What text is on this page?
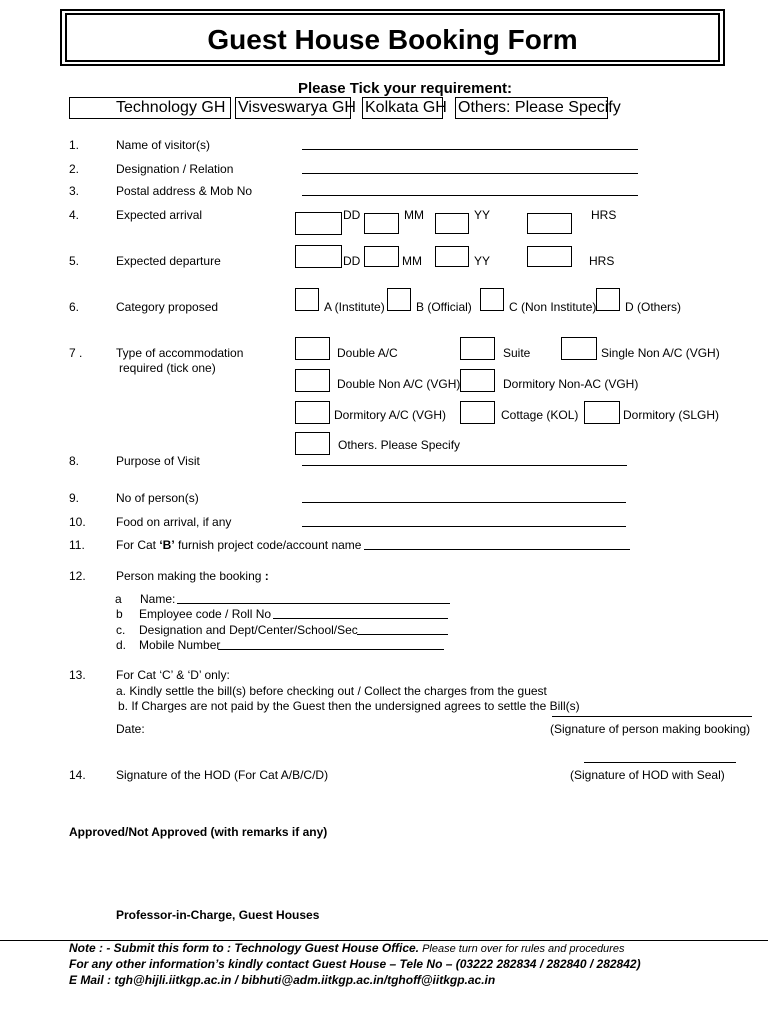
Guest House Booking Form
Please Tick your requirement:
Technology GH Visveswarya GH Kolkata GH Others: Please Specify
1.	Name of visitor(s)
2.	Designation / Relation
3.	Postal address & Mob No
4.	Expected arrival	DD	MM	YY	HRS
5.	Expected departure	DD	MM	YY	HRS
6.	Category proposed	A (Institute)	B (Official)	C (Non Institute) D (Others)
7 .	Type of accommodation
required (tick one)
Double A/C	Suite	Single Non A/C (VGH)
Double Non A/C (VGH)	Dormitory Non-AC (VGH)
Dormitory A/C (VGH)	Cottage (KOL)	Dormitory (SLGH)
Others. Please Specify
8.	Purpose of Visit
9.	No of person(s)
10.	Food on arrival, if any
11.	For Cat ‘B’ furnish project code/account name
12.	Person making the booking :
a Name:
b Employee code / Roll No
c. Designation and Dept/Center/School/Sec
d. Mobile Number
13.	For Cat ‘C’ & ‘D’ only:
a. Kindly settle the bill(s) before checking out / Collect the charges from the guest
b. If Charges are not paid by the Guest then the undersigned agrees to settle the Bill(s)
Date:	(Signature of person making booking)
14.	Signature of the HOD (For Cat A/B/C/D)	(Signature of HOD with Seal)
Approved/Not Approved (with remarks if any)
Professor-in-Charge, Guest Houses
Note : - Submit this form to : Technology Guest House Office. Please turn over for rules and procedures
For any other information’s kindly contact Guest House – Tele No – (03222 282834 / 282840 / 282842)
E Mail : tgh@hijli.iitkgp.ac.in / bibhuti@adm.iitkgp.ac.in/tghoff@iitkgp.ac.in
